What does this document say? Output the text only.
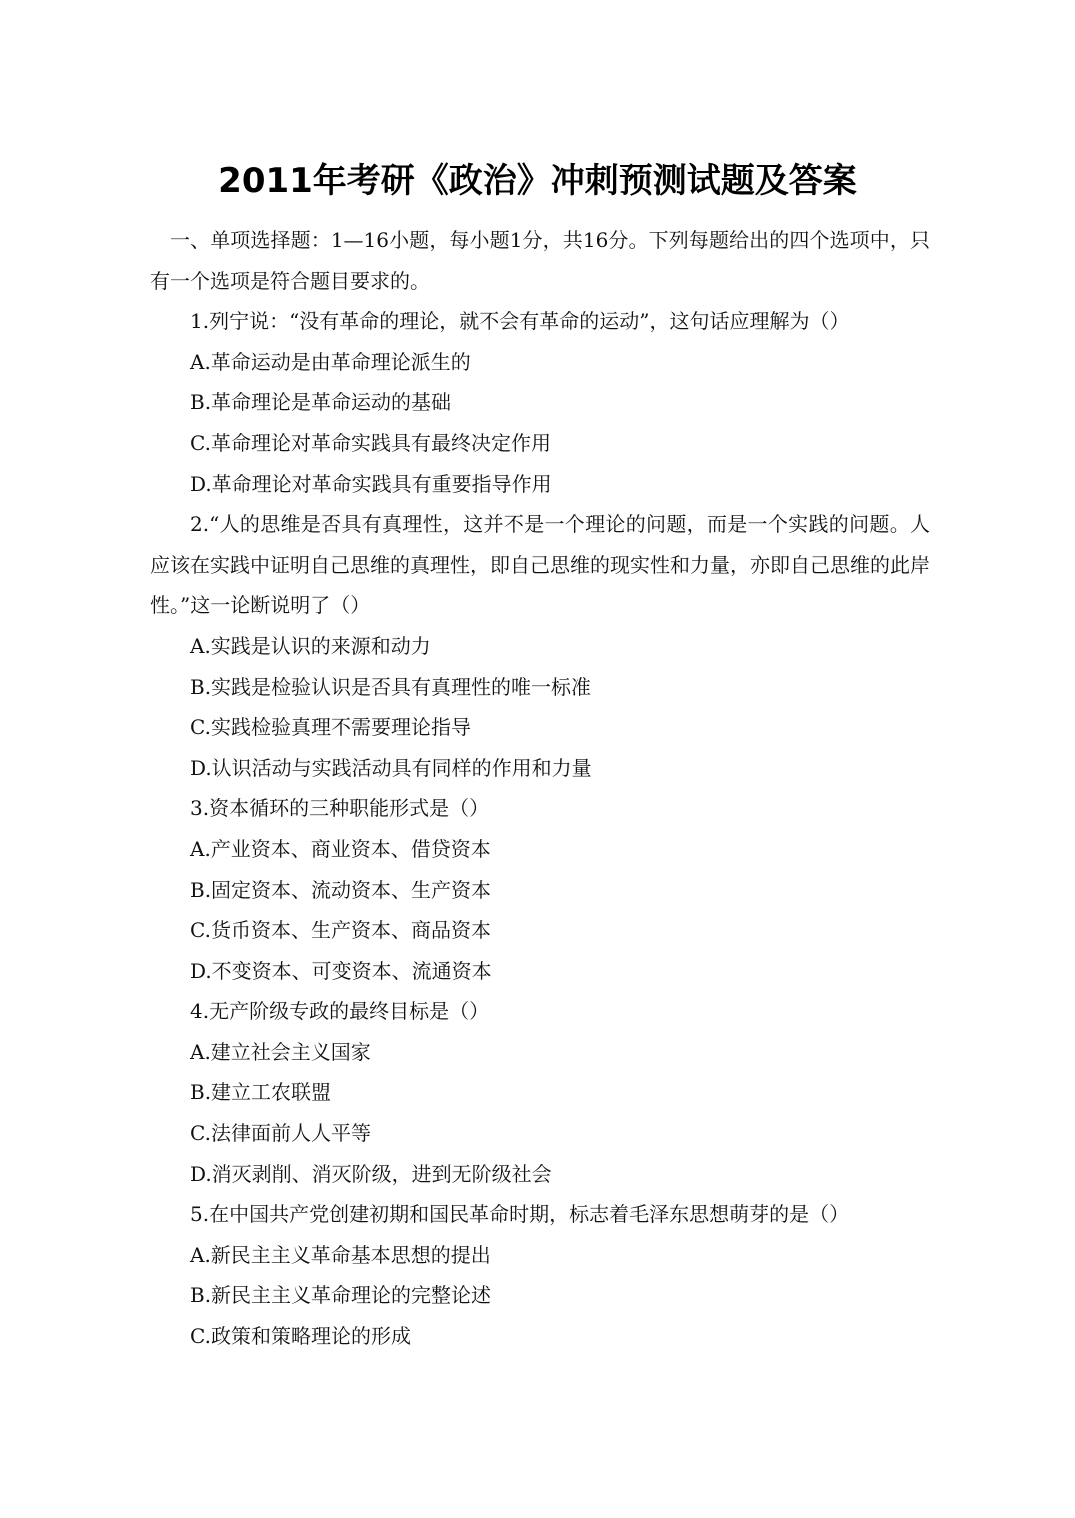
2011年考研《政治》冲刺预测试题及答案

一、单项选择题：1—16小题，每小题1分，共16分。下列每题给出的四个选项中，只有一个选项是符合题目要求的。

1.列宁说：“没有革命的理论，就不会有革命的运动”，这句话应理解为（）

A.革命运动是由革命理论派生的

B.革命理论是革命运动的基础

C.革命理论对革命实践具有最终决定作用

D.革命理论对革命实践具有重要指导作用

2.“人的思维是否具有真理性，这并不是一个理论的问题，而是一个实践的问题。人应该在实践中证明自己思维的真理性，即自己思维的现实性和力量，亦即自己思维的此岸性。”这一论断说明了（）

A.实践是认识的来源和动力

B.实践是检验认识是否具有真理性的唯一标准

C.实践检验真理不需要理论指导

D.认识活动与实践活动具有同样的作用和力量

3.资本循环的三种职能形式是（）

A.产业资本、商业资本、借贷资本

B.固定资本、流动资本、生产资本

C.货币资本、生产资本、商品资本

D.不变资本、可变资本、流通资本

4.无产阶级专政的最终目标是（）

A.建立社会主义国家

B.建立工农联盟

C.法律面前人人平等

D.消灭剥削、消灭阶级，进到无阶级社会

5.在中国共产党创建初期和国民革命时期，标志着毛泽东思想萌芽的是（）

A.新民主主义革命基本思想的提出

B.新民主主义革命理论的完整论述

C.政策和策略理论的形成
